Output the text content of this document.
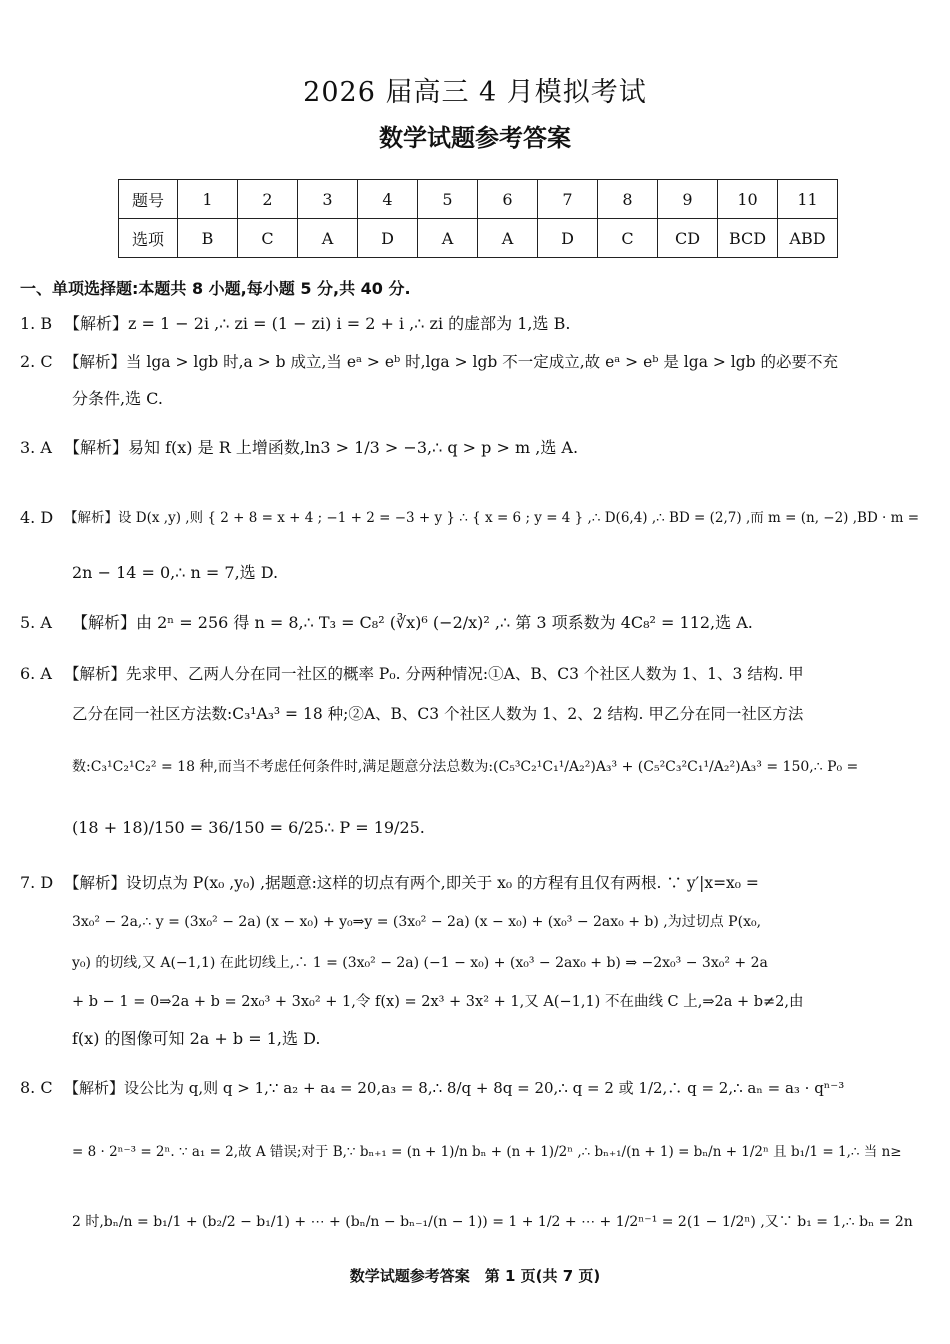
2026 届高三 4 月模拟考试
数学试题参考答案
题号	1	2	3	4	5	6	7	8	9	10	11
选项	B	C	A	D	A	A	D	C	CD	BCD	ABD
一、单项选择题:本题共 8 小题,每小题 5 分,共 40 分.
1. B 【解析】z = 1 − 2i ,∴ zi = (1 − zi) i = 2 + i ,∴ zi 的虚部为 1,选 B.
2. C 【解析】当 lga > lgb 时,a > b 成立,当 eᵃ > eᵇ 时,lga > lgb 不一定成立,故 eᵃ > eᵇ 是 lga > lgb 的必要不充
分条件,选 C.
3. A 【解析】易知 f(x) 是 R 上增函数,ln3 > 1/3 > −3,∴ q > p > m ,选 A.
4. D 【解析】设 D(x ,y) ,则 { 2 + 8 = x + 4 ; −1 + 2 = −3 + y } ∴ { x = 6 ; y = 4 } ,∴ D(6,4) ,∴ BD = (2,7) ,而 m = (n, −2) ,BD · m =
2n − 14 = 0,∴ n = 7,选 D.
5. A 【解析】由 2ⁿ = 256 得 n = 8,∴ T₃ = C₈² (∛x)⁶ (−2/x)² ,∴ 第 3 项系数为 4C₈² = 112,选 A.
6. A 【解析】先求甲、乙两人分在同一社区的概率 P₀. 分两种情况:①A、B、C3 个社区人数为 1、1、3 结构. 甲
乙分在同一社区方法数:C₃¹A₃³ = 18 种;②A、B、C3 个社区人数为 1、2、2 结构. 甲乙分在同一社区方法
数:C₃¹C₂¹C₂² = 18 种,而当不考虑任何条件时,满足题意分法总数为:(C₅³C₂¹C₁¹/A₂²)A₃³ + (C₅²C₃²C₁¹/A₂²)A₃³ = 150,∴ P₀ =
(18 + 18)/150 = 36/150 = 6/25∴ P = 19/25.
7. D 【解析】设切点为 P(x₀ ,y₀) ,据题意:这样的切点有两个,即关于 x₀ 的方程有且仅有两根. ∵ y′|x=x₀ =
3x₀² − 2a,∴ y = (3x₀² − 2a) (x − x₀) + y₀⇒y = (3x₀² − 2a) (x − x₀) + (x₀³ − 2ax₀ + b) ,为过切点 P(x₀,
y₀) 的切线,又 A(−1,1) 在此切线上,∴ 1 = (3x₀² − 2a) (−1 − x₀) + (x₀³ − 2ax₀ + b) ⇒ −2x₀³ − 3x₀² + 2a
+ b − 1 = 0⇒2a + b = 2x₀³ + 3x₀² + 1,令 f(x) = 2x³ + 3x² + 1,又 A(−1,1) 不在曲线 C 上,⇒2a + b≠2,由
f(x) 的图像可知 2a + b = 1,选 D.
8. C 【解析】设公比为 q,则 q > 1,∵ a₂ + a₄ = 20,a₃ = 8,∴ 8/q + 8q = 20,∴ q = 2 或 1/2,∴ q = 2,∴ aₙ = a₃ · qⁿ⁻³
= 8 · 2ⁿ⁻³ = 2ⁿ. ∵ a₁ = 2,故 A 错误;对于 B,∵ bₙ₊₁ = (n + 1)/n bₙ + (n + 1)/2ⁿ ,∴ bₙ₊₁/(n + 1) = bₙ/n + 1/2ⁿ 且 b₁/1 = 1,∴ 当 n≥
2 时,bₙ/n = b₁/1 + (b₂/2 − b₁/1) + ⋯ + (bₙ/n − bₙ₋₁/(n − 1)) = 1 + 1/2 + ⋯ + 1/2ⁿ⁻¹ = 2(1 − 1/2ⁿ) ,又∵ b₁ = 1,∴ bₙ = 2n
数学试题参考答案　第 1 页(共 7 页)
